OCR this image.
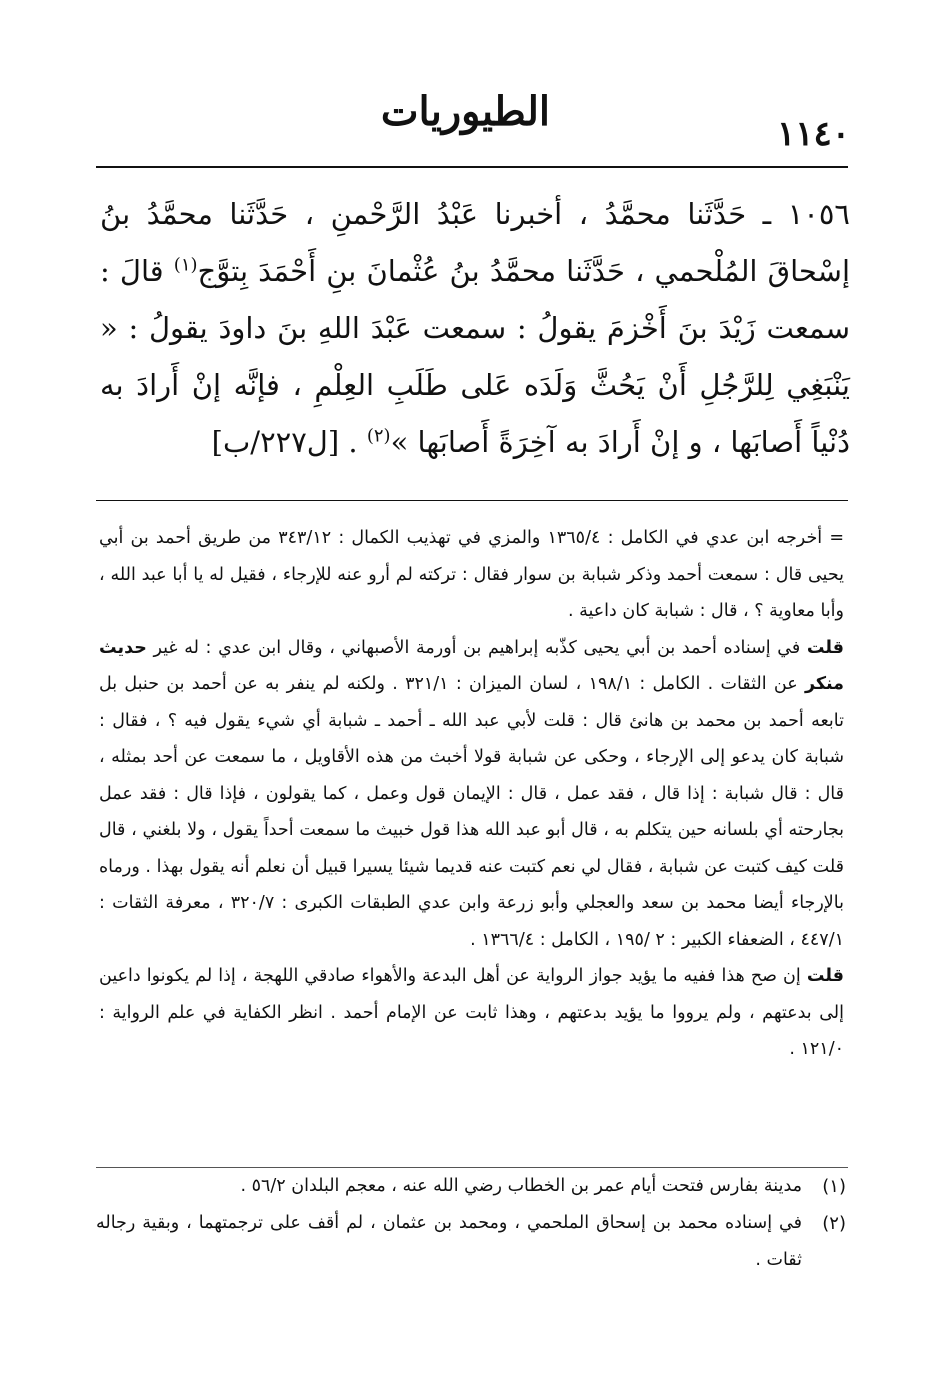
١١٤٠
الطيوريات

١٠٥٦ ـ حَدَّثَنا محمَّدُ ، أخبرنا عَبْدُ الرَّحْمنِ ، حَدَّثَنا محمَّدُ بنُ إسْحاقَ المُلْحمي ، حَدَّثَنا محمَّدُ بنُ عُثْمانَ بنِ أَحْمَدَ بِتوَّج$^{(١)}$ قالَ : سمعت زَيْدَ بنَ أَخْزمَ يقولُ : سمعت عَبْدَ اللهِ بنَ داودَ يقولُ : « يَنْبَغِي لِلرَّجُلِ أَنْ يَحُثَّ وَلَدَه عَلى طَلَبِ العِلْمِ ، فإنَّه إنْ أَرادَ به دُنْياً أَصابَها ، و إنْ أَرادَ به آخِرَةً أَصابَها »$^{(٢)}$ . [ل٢٢٧/ب]

= أخرجه ابن عدي في الكامل : ١٣٦٥/٤ والمزي في تهذيب الكمال : ٣٤٣/١٢ من طريق أحمد بن أبي يحيى قال : سمعت أحمد وذكر شبابة بن سوار فقال : تركته لم أرو عنه للإرجاء ، فقيل له يا أبا عبد الله ، وأبا معاوية ؟ ، قال : شبابة كان داعية .

قلت في إسناده أحمد بن أبي يحيى كذّبه إبراهيم بن أورمة الأصبهاني ، وقال ابن عدي : له غير حديث منكر عن الثقات . الكامل : ١٩٨/١ ، لسان الميزان : ٣٢١/١ . ولكنه لم ينفر به عن أحمد بن حنبل بل تابعه أحمد بن محمد بن هانئ قال : قلت لأبي عبد الله ـ أحمد ـ شبابة أي شيء يقول فيه ؟ ، فقال : شبابة كان يدعو إلى الإرجاء ، وحكى عن شبابة قولا أخبث من هذه الأقاويل ، ما سمعت عن أحد بمثله ، قال : قال شبابة : إذا قال ، فقد عمل ، قال : الإيمان قول وعمل ، كما يقولون ، فإذا قال : فقد عمل بجارحته أي بلسانه حين يتكلم به ، قال أبو عبد الله هذا قول خبيث ما سمعت أحداً يقول ، ولا بلغني ، قال قلت كيف كتبت عن شبابة ، فقال لي نعم كتبت عنه قديما شيئا يسيرا قبيل أن نعلم أنه يقول بهذا . ورماه بالإرجاء أيضا محمد بن سعد والعجلي وأبو زرعة وابن عدي الطبقات الكبرى : ٣٢٠/٧ ، معرفة الثقات : ٤٤٧/١ ، الضعفاء الكبير : ٢ /١٩٥ ، الكامل : ١٣٦٦/٤ .

قلت إن صح هذا ففيه ما يؤيد جواز الرواية عن أهل البدعة والأهواء صادقي اللهجة ، إذا لم يكونوا داعين إلى بدعتهم ، ولم يرووا ما يؤيد بدعتهم ، وهذا ثابت عن الإمام أحمد . انظر الكفاية في علم الرواية : ١٢١/٠ .

(١)
مدينة بفارس فتحت أيام عمر بن الخطاب رضي الله عنه ، معجم البلدان ٥٦/٢ .
(٢)
في إسناده محمد بن إسحاق الملحمي ، ومحمد بن عثمان ، لم أقف على ترجمتهما ، وبقية رجاله ثقات .
